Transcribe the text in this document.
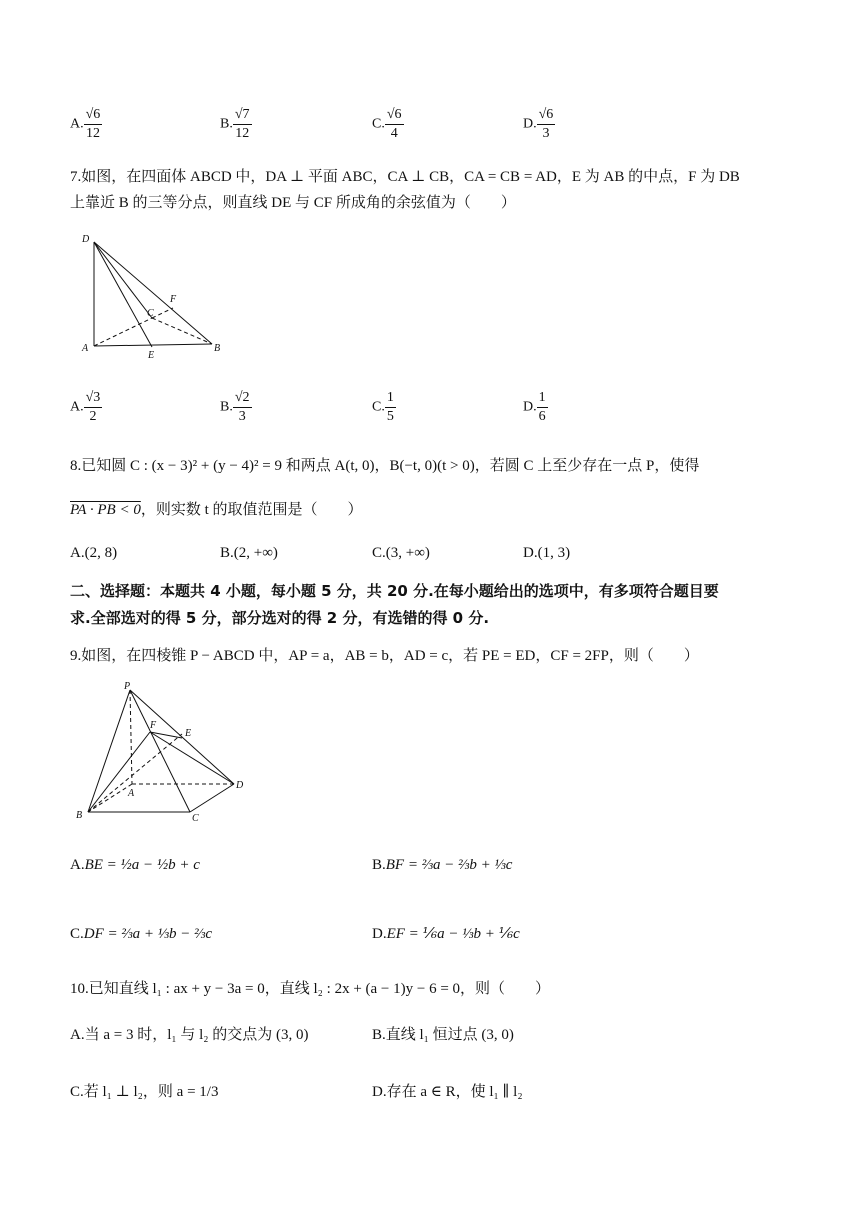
A. $\frac{√6}{12}$	B. $\frac{√7}{12}$	C. $\frac{√6}{4}$	D. $\frac{√6}{3}$
7.如图，在四面体 ABCD 中，DA ⊥ 平面 ABC，CA ⊥ CB，CA = CB = AD，E 为 AB 的中点，F 为 DB
上靠近 B 的三等分点，则直线 DE 与 CF 所成角的余弦值为（　　）
D
A	B
C
E
F
A. $\frac{√3}{2}$	B. $\frac{√2}{3}$	C. $\frac{1}{5}$	D. $\frac{1}{6}$
8.已知圆 C : (x − 3)² + (y − 4)² = 9 和两点 A(t, 0)，B(−t, 0)(t > 0)，若圆 C 上至少存在一点 P，使得
PA · PB < 0，则实数 t 的取值范围是（　　）
A.(2, 8)	B.(2, +∞)	C.(3, +∞)	D.(1, 3)
二、选择题：本题共 4 小题，每小题 5 分，共 20 分.在每小题给出的选项中，有多项符合题目要
求.全部选对的得 5 分，部分选对的得 2 分，有选错的得 0 分.
9.如图，在四棱锥 P − ABCD 中，AP = a，AB = b，AD = c，若 PE = ED，CF = 2FP，则（　　）
P
F
E
A
D
B	C
A.BE = ½a − ½b + c	B.BF = ⅔a − ⅔b + ⅓c
C.DF = ⅔a + ⅓b − ⅔c	D.EF = ⅙a − ⅓b + ⅙c
10.已知直线 l₁ : ax + y − 3a = 0，直线 l₂ : 2x + (a − 1)y − 6 = 0，则（　　）
A.当 a = 3 时，l₁ 与 l₂ 的交点为 (3, 0)	B.直线 l₁ 恒过点 (3, 0)
C.若 l₁ ⊥ l₂，则 a = 1/3	D.存在 a ∈ R，使 l₁ ∥ l₂
